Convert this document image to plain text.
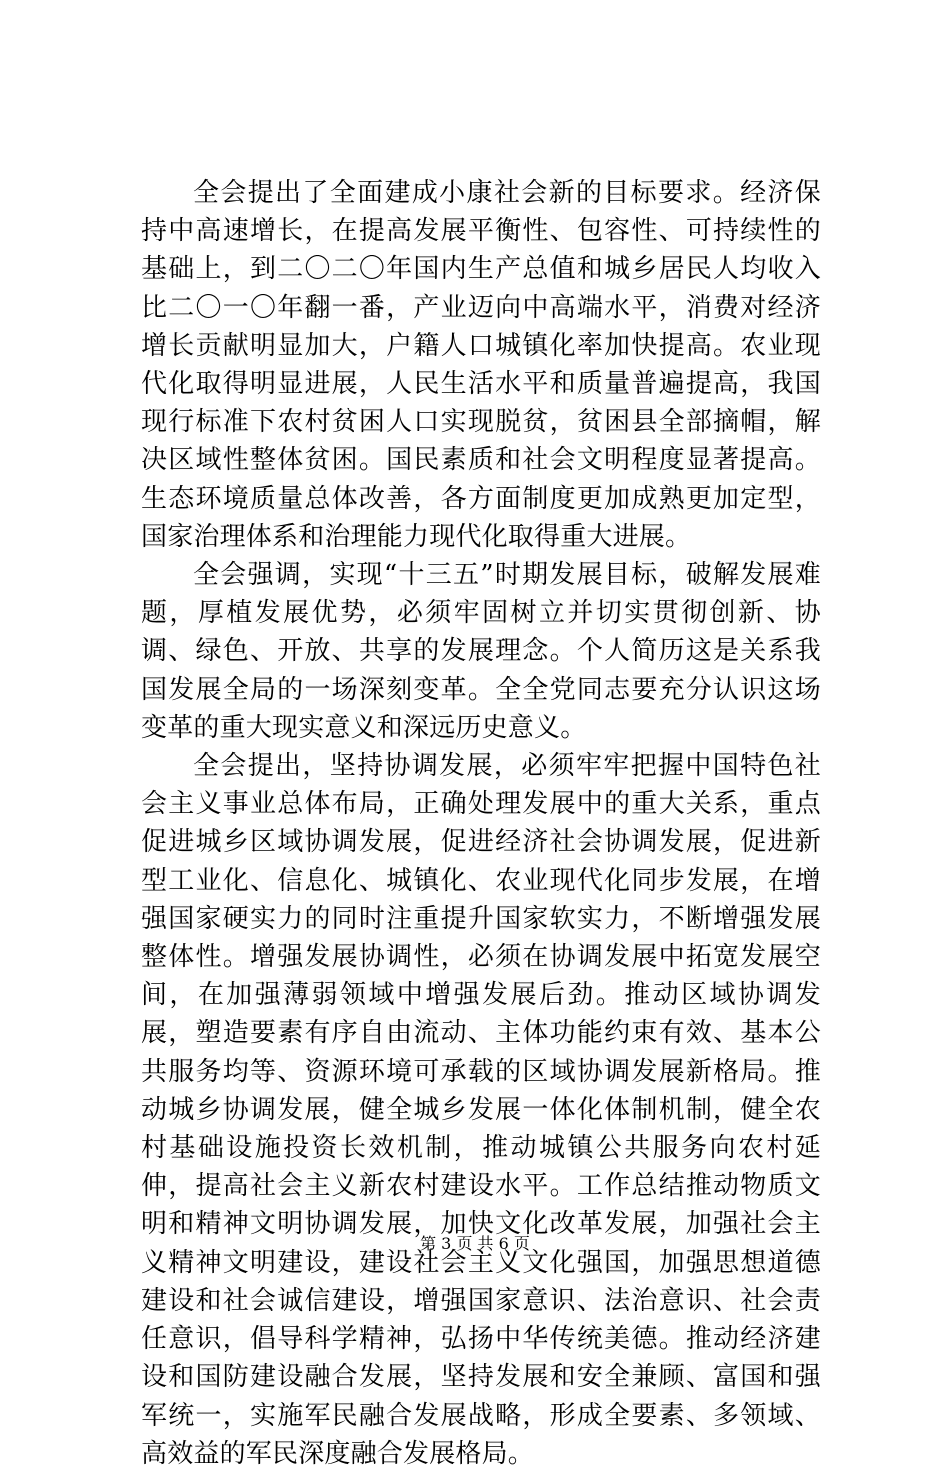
全会提出了全面建成小康社会新的目标要求。经济保持中高速增长，在提高发展平衡性、包容性、可持续性的基础上，到二〇二〇年国内生产总值和城乡居民人均收入比二〇一〇年翻一番，产业迈向中高端水平，消费对经济增长贡献明显加大，户籍人口城镇化率加快提高。农业现代化取得明显进展，人民生活水平和质量普遍提高，我国现行标准下农村贫困人口实现脱贫，贫困县全部摘帽，解决区域性整体贫困。国民素质和社会文明程度显著提高。生态环境质量总体改善，各方面制度更加成熟更加定型，国家治理体系和治理能力现代化取得重大进展。

全会强调，实现“十三五”时期发展目标，破解发展难题，厚植发展优势，必须牢固树立并切实贯彻创新、协调、绿色、开放、共享的发展理念。个人简历这是关系我国发展全局的一场深刻变革。全全党同志要充分认识这场变革的重大现实意义和深远历史意义。

全会提出，坚持协调发展，必须牢牢把握中国特色社会主义事业总体布局，正确处理发展中的重大关系，重点促进城乡区域协调发展，促进经济社会协调发展，促进新型工业化、信息化、城镇化、农业现代化同步发展，在增强国家硬实力的同时注重提升国家软实力，不断增强发展整体性。增强发展协调性，必须在协调发展中拓宽发展空间，在加强薄弱领域中增强发展后劲。推动区域协调发展，塑造要素有序自由流动、主体功能约束有效、基本公共服务均等、资源环境可承载的区域协调发展新格局。推动城乡协调发展，健全城乡发展一体化体制机制，健全农村基础设施投资长效机制，推动城镇公共服务向农村延伸，提高社会主义新农村建设水平。工作总结推动物质文明和精神文明协调发展，加快文化改革发展，加强社会主义精神文明建设，建设社会主义文化强国，加强思想道德建设和社会诚信建设，增强国家意识、法治意识、社会责任意识，倡导科学精神，弘扬中华传统美德。推动经济建设和国防建设融合发展，坚持发展和安全兼顾、富国和强军统一，实施军民融合发展战略，形成全要素、多领域、高效益的军民深度融合发展格局。

第 3 页 共 6 页
